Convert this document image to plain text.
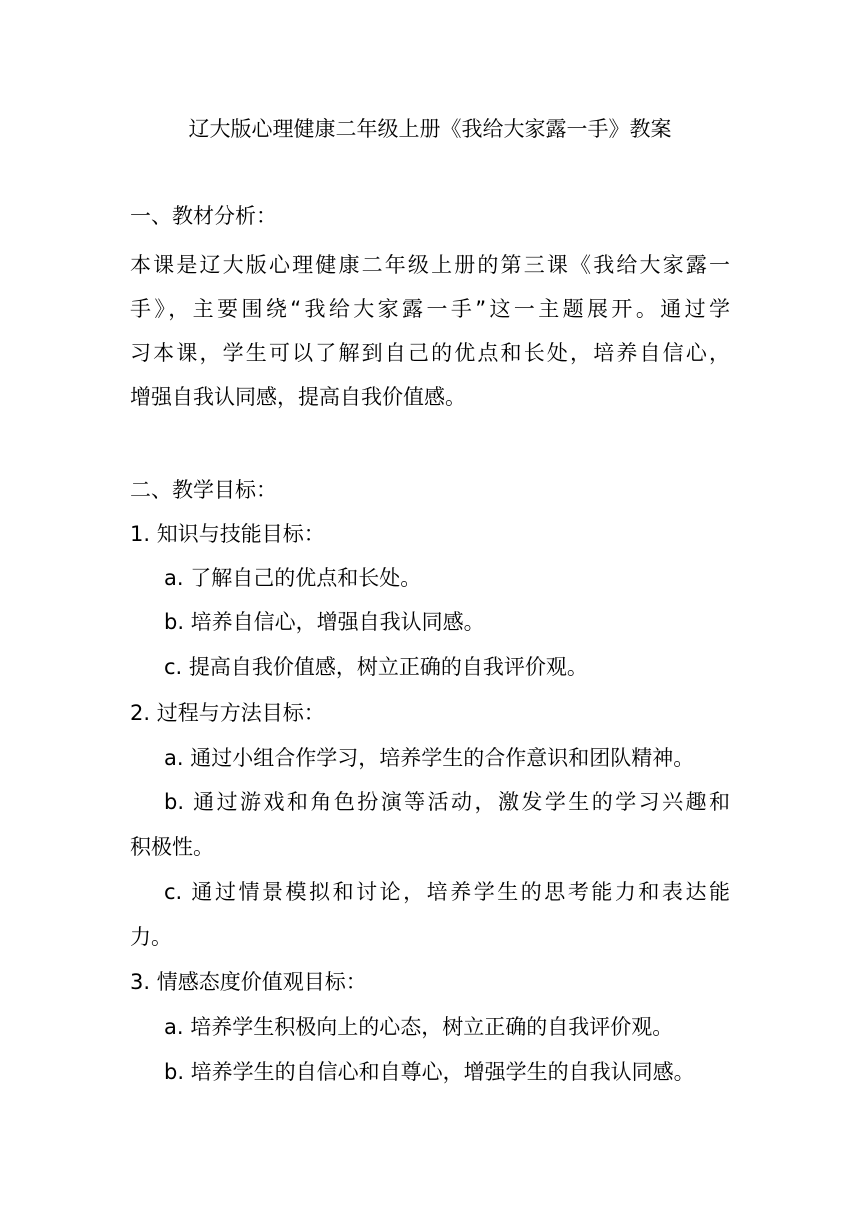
辽大版心理健康二年级上册《我给大家露一手》教案
一、教材分析：
本课是辽大版心理健康二年级上册的第三课《我给大家露一
手》，主要围绕“我给大家露一手”这一主题展开。通过学
习本课，学生可以了解到自己的优点和长处，培养自信心，
增强自我认同感，提高自我价值感。
二、教学目标：
1. 知识与技能目标：
a. 了解自己的优点和长处。
b. 培养自信心，增强自我认同感。
c. 提高自我价值感，树立正确的自我评价观。
2. 过程与方法目标：
a. 通过小组合作学习，培养学生的合作意识和团队精神。
b. 通过游戏和角色扮演等活动，激发学生的学习兴趣和
积极性。
c. 通过情景模拟和讨论，培养学生的思考能力和表达能
力。
3. 情感态度价值观目标：
a. 培养学生积极向上的心态，树立正确的自我评价观。
b. 培养学生的自信心和自尊心，增强学生的自我认同感。
